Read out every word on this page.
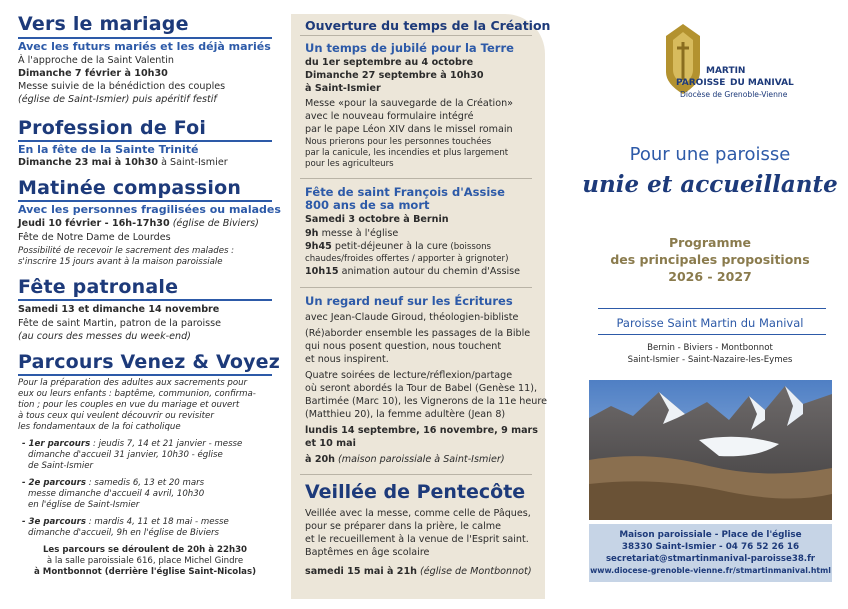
Vers le mariage
Avec les futurs mariés et les déjà mariés
À l'approche de la Saint Valentin
Dimanche 7 février à 10h30
Messe suivie de la bénédiction des couples
(église de Saint-Ismier) puis apéritif festif
Profession de Foi
En la fête de la Sainte Trinité
Dimanche 23 mai à 10h30 à Saint-Ismier
Matinée compassion
Avec les personnes fragilisées ou malades
Jeudi 10 février - 16h-17h30 (église de Biviers)
Fête de Notre Dame de Lourdes
Possibilité de recevoir le sacrement des malades :
s'inscrire 15 jours avant à la maison paroissiale
Fête patronale
Samedi 13 et dimanche 14 novembre
Fête de saint Martin, patron de la paroisse
(au cours des messes du week-end)
Parcours Venez & Voyez
Pour la préparation des adultes aux sacrements pour
eux ou leurs enfants : baptême, communion, confirma-
tion ; pour les couples en vue du mariage et ouvert
à tous ceux qui veulent découvrir ou revisiter
les fondamentaux de la foi catholique
- 1er parcours : jeudis 7, 14 et 21 janvier - messe
dimanche d'accueil 31 janvier, 10h30 - église
de Saint-Ismier
- 2e parcours : samedis 6, 13 et 20 mars
messe dimanche d'accueil 4 avril, 10h30
en l'église de Saint-Ismier
- 3e parcours : mardis 4, 11 et 18 mai - messe
dimanche d'accueil, 9h en l'église de Biviers
Les parcours se déroulent de 20h à 22h30
à la salle paroissiale 616, place Michel Gindre
à Montbonnot (derrière l'église Saint-Nicolas)
Ouverture du temps de la Création
Un temps de jubilé pour la Terre
du 1er septembre au 4 octobre
Dimanche 27 septembre à 10h30
à Saint-Ismier
Messe «pour la sauvegarde de la Création»
avec le nouveau formulaire intégré
par le pape Léon XIV dans le missel romain
Nous prierons pour les personnes touchées
par la canicule, les incendies et plus largement
pour les agriculteurs
Fête de saint François d'Assise
800 ans de sa mort
Samedi 3 octobre à Bernin
9h messe à l'église
9h45 petit-déjeuner à la cure (boissons
chaudes/froides offertes / apporter à grignoter)
10h15 animation autour du chemin d'Assise
Un regard neuf sur les Écritures
avec Jean-Claude Giroud, théologien-bibliste
(Ré)aborder ensemble les passages de la Bible
qui nous posent question, nous touchent
et nous inspirent.
Quatre soirées de lecture/réflexion/partage
où seront abordés la Tour de Babel (Genèse 11),
Bartimée (Marc 10), les Vignerons de la 11e heure
(Matthieu 20), la femme adultère (Jean 8)
lundis 14 septembre, 16 novembre, 9 mars
et 10 mai
à 20h (maison paroissiale à Saint-Ismier)
Veillée de Pentecôte
Veillée avec la messe, comme celle de Pâques,
pour se préparer dans la prière, le calme
et le recueillement à la venue de l'Esprit saint.
Baptêmes en âge scolaire
samedi 15 mai à 21h (église de Montbonnot)
MARTIN
PAROISSE DU MANIVAL
Diocèse de Grenoble-Vienne
Pour une paroisse
unie et accueillante
Programme
des principales propositions
2026 - 2027
Paroisse Saint Martin du Manival
Bernin - Biviers - Montbonnot
Saint-Ismier - Saint-Nazaire-les-Eymes
Maison paroissiale - Place de l'église
38330 Saint-Ismier - 04 76 52 26 16
secretariat@stmartinmanival-paroisse38.fr
www.diocese-grenoble-vienne.fr/stmartinmanival.html
